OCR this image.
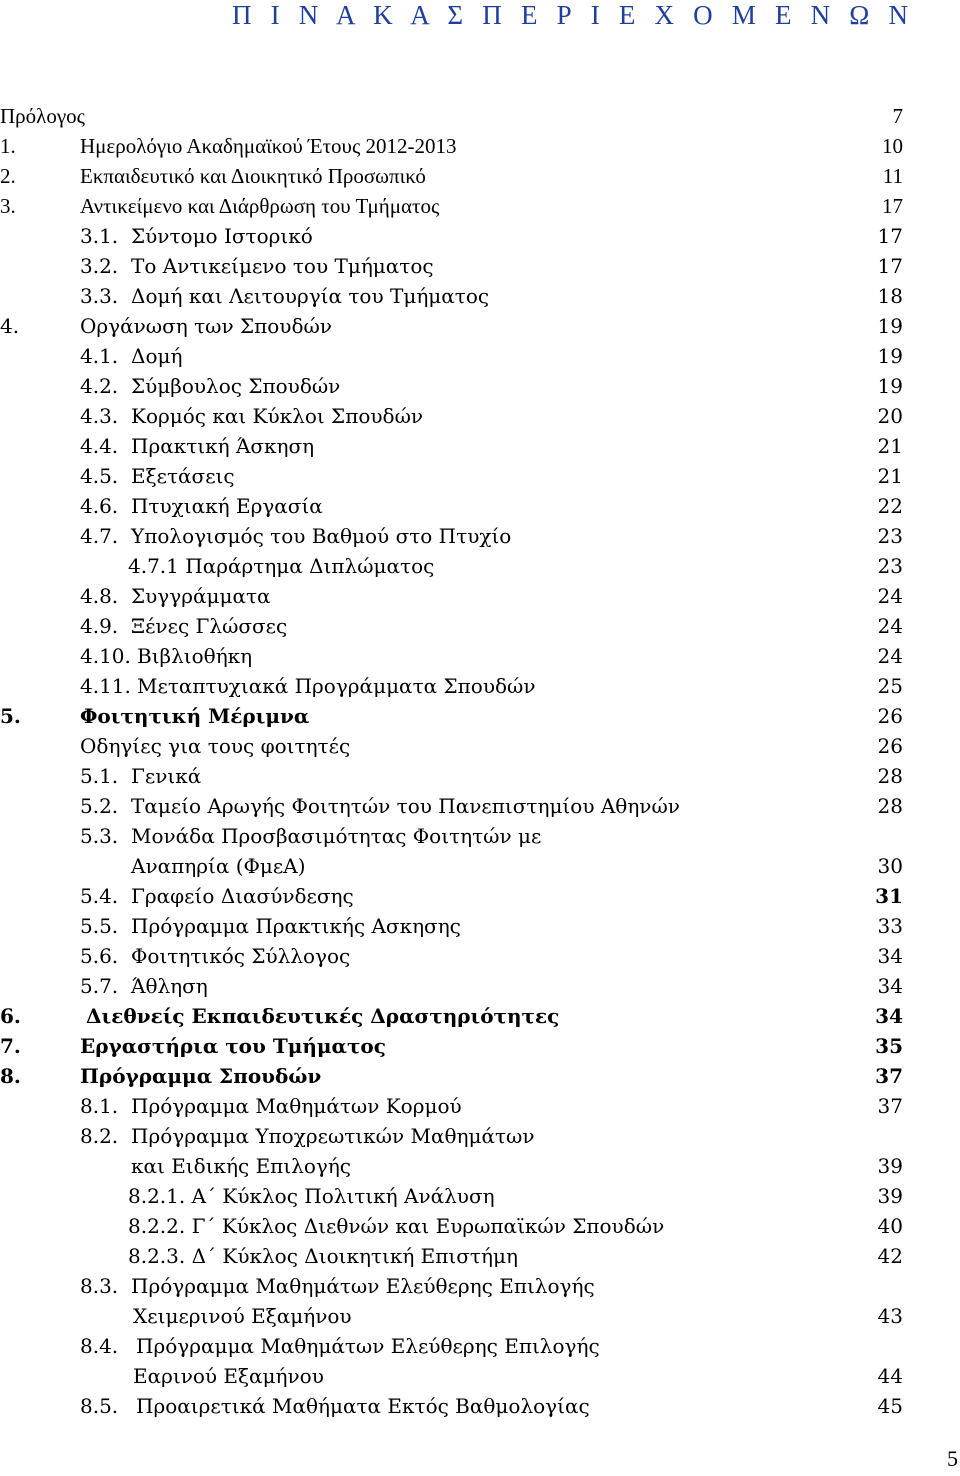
Π Ι Ν Α Κ Α Σ Π Ε Ρ Ι Ε Χ Ο Μ Ε Ν Ω Ν
Πρόλογος	7
1.	Ημερολόγιο Ακαδημαϊκού Έτους 2012-2013	10
2.	Εκπαιδευτικό και Διοικητικό Προσωπικό	11
3.	Αντικείμενο και Διάρθρωση του Τμήματος	17
3.1. Σύντομο Ιστορικό	17
3.2. Το Αντικείμενο του Τμήματος	17
3.3. Δομή και Λειτουργία του Τμήματος	18
4.	Οργάνωση των Σπουδών	19
4.1. Δομή	19
4.2. Σύμβουλος Σπουδών	19
4.3. Κορμός και Κύκλοι Σπουδών	20
4.4. Πρακτική Άσκηση	21
4.5. Εξετάσεις	21
4.6. Πτυχιακή Εργασία	22
4.7. Υπολογισμός του Βαθμού στο Πτυχίο	23
4.7.1 Παράρτημα Διπλώματος	23
4.8. Συγγράμματα	24
4.9. Ξένες Γλώσσες	24
4.10. Βιβλιοθήκη	24
4.11. Μεταπτυχιακά Προγράμματα Σπουδών	25
5.	Φοιτητική Μέριμνα	26
Οδηγίες για τους φοιτητές	26
5.1. Γενικά	28
5.2. Ταμείο Αρωγής Φοιτητών του Πανεπιστημίου Αθηνών	28
5.3. Μονάδα Προσβασιμότητας Φοιτητών με
Αναπηρία (ΦμεΑ)	30
5.4. Γραφείο Διασύνδεσης	31
5.5. Πρόγραμμα Πρακτικής Ασκησης	33
5.6. Φοιτητικός Σύλλογος	34
5.7. Άθληση	34
6.	Διεθνείς Εκπαιδευτικές Δραστηριότητες	34
7.	Εργαστήρια του Τμήματος	35
8.	Πρόγραμμα Σπουδών	37
8.1. Πρόγραμμα Μαθημάτων Κορμού	37
8.2. Πρόγραμμα Υποχρεωτικών Μαθημάτων
και Ειδικής Επιλογής	39
8.2.1. Α΄ Κύκλος Πολιτική Ανάλυση	39
8.2.2. Γ΄ Κύκλος Διεθνών και Ευρωπαϊκών Σπουδών	40
8.2.3. Δ΄ Κύκλος Διοικητική Επιστήμη	42
8.3. Πρόγραμμα Μαθημάτων Ελεύθερης Επιλογής
Χειμερινού Εξαμήνου	43
8.4. Πρόγραμμα Μαθημάτων Ελεύθερης Επιλογής
Εαρινού Εξαμήνου	44
8.5. Προαιρετικά Μαθήματα Εκτός Βαθμολογίας	45
5
